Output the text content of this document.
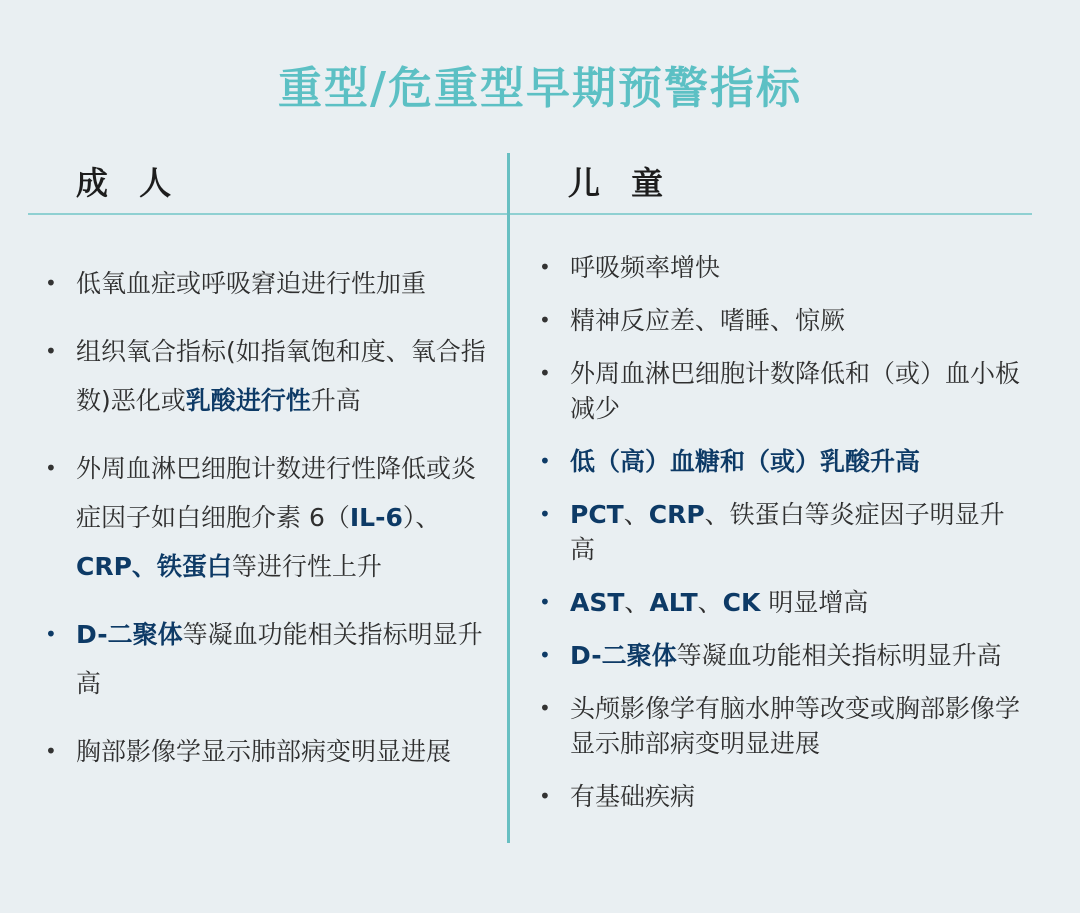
重型/危重型早期预警指标
成 人	儿 童
• 低氧血症或呼吸窘迫进行性加重
• 组织氧合指标(如指氧饱和度、氧合指数)恶化或乳酸进行性升高
• 外周血淋巴细胞计数进行性降低或炎症因子如白细胞介素 6（IL-6）、CRP、铁蛋白等进行性上升
• D-二聚体等凝血功能相关指标明显升高
• 胸部影像学显示肺部病变明显进展
• 呼吸频率增快
• 精神反应差、嗜睡、惊厥
• 外周血淋巴细胞计数降低和（或）血小板减少
• 低（高）血糖和（或）乳酸升高
• PCT、CRP、铁蛋白等炎症因子明显升高
• AST、ALT、CK 明显增高
• D-二聚体等凝血功能相关指标明显升高
• 头颅影像学有脑水肿等改变或胸部影像学显示肺部病变明显进展
• 有基础疾病
